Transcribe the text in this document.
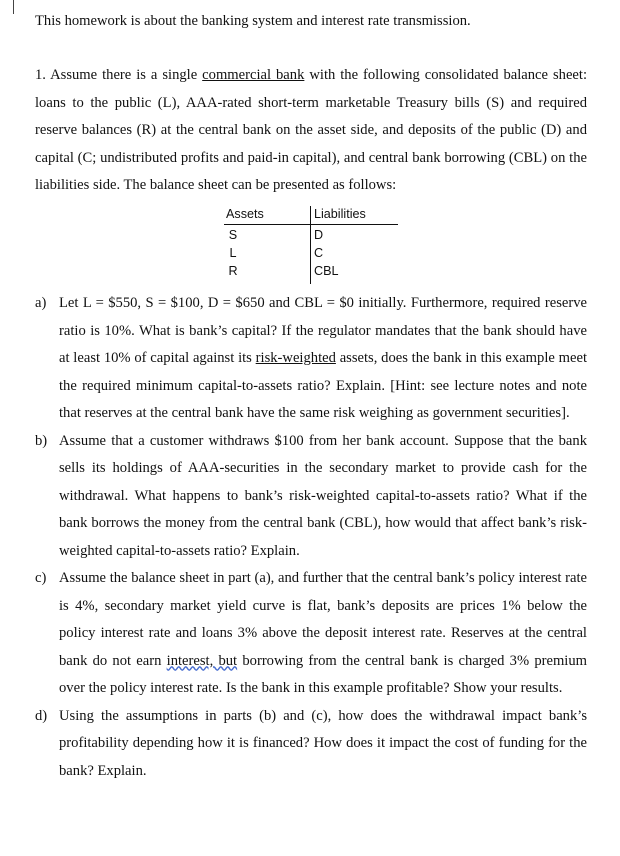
This homework is about the banking system and interest rate transmission.

1. Assume there is a single commercial bank with the following consolidated balance sheet: loans to the public (L), AAA-rated short-term marketable Treasury bills (S) and required reserve balances (R) at the central bank on the asset side, and deposits of the public (D) and capital (C; undistributed profits and paid-in capital), and central bank borrowing (CBL) on the liabilities side. The balance sheet can be presented as follows:

Assets	Liabilities
S
L
R
D
C
CBL
a) Let L = $550, S = $100, D = $650 and CBL = $0 initially. Furthermore, required reserve ratio is 10%. What is bank’s capital? If the regulator mandates that the bank should have at least 10% of capital against its risk-weighted assets, does the bank in this example meet the required minimum capital-to-assets ratio? Explain. [Hint: see lecture notes and note that reserves at the central bank have the same risk weighing as government securities].
b) Assume that a customer withdraws $100 from her bank account. Suppose that the bank sells its holdings of AAA-securities in the secondary market to provide cash for the withdrawal. What happens to bank’s risk-weighted capital-to-assets ratio? What if the bank borrows the money from the central bank (CBL), how would that affect bank’s risk-weighted capital-to-assets ratio? Explain.
c) Assume the balance sheet in part (a), and further that the central bank’s policy interest rate is 4%, secondary market yield curve is flat, bank’s deposits are prices 1% below the policy interest rate and loans 3% above the deposit interest rate. Reserves at the central bank do not earn interest, but borrowing from the central bank is charged 3% premium over the policy interest rate. Is the bank in this example profitable? Show your results.
d) Using the assumptions in parts (b) and (c), how does the withdrawal impact bank’s profitability depending how it is financed? How does it impact the cost of funding for the bank? Explain.
